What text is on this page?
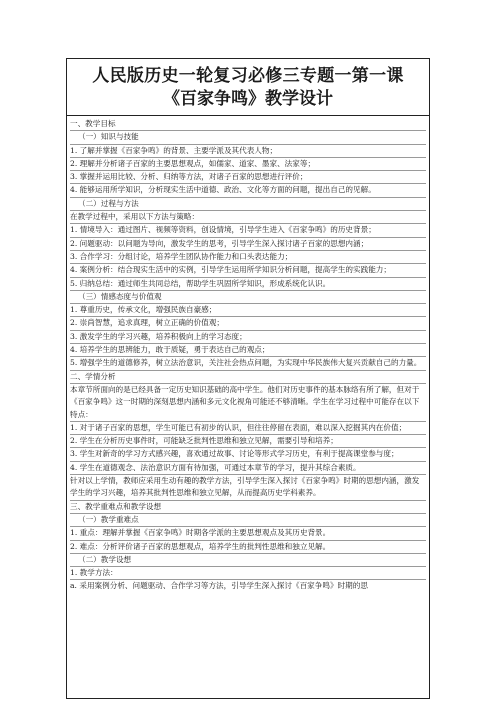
人民版历史一轮复习必修三专题一第一课
《百家争鸣》教学设计

一、教学目标

（一）知识与技能

1. 了解并掌握《百家争鸣》的背景、主要学派及其代表人物；

2. 理解并分析诸子百家的主要思想观点，如儒家、道家、墨家、法家等；

3. 掌握并运用比较、分析、归纳等方法，对诸子百家的思想进行评价；

4. 能够运用所学知识，分析现实生活中道德、政治、文化等方面的问题，提出自己的见解。

（二）过程与方法

在教学过程中，采用以下方法与策略：

1. 情境导入：通过图片、视频等资料，创设情境，引导学生进入《百家争鸣》的历史背景；

2. 问题驱动：以问题为导向，激发学生的思考，引导学生深入探讨诸子百家的思想内涵；

3. 合作学习：分组讨论，培养学生团队协作能力和口头表达能力；

4. 案例分析：结合现实生活中的实例，引导学生运用所学知识分析问题，提高学生的实践能力；

5. 归纳总结：通过师生共同总结，帮助学生巩固所学知识，形成系统化认识。

（三）情感态度与价值观

1. 尊重历史，传承文化，增强民族自豪感；

2. 崇尚智慧，追求真理，树立正确的价值观；

3. 激发学生的学习兴趣，培养积极向上的学习态度；

4. 培养学生的思辨能力，敢于质疑，勇于表达自己的观点；

5. 增强学生的道德修养，树立法治意识，关注社会热点问题，为实现中华民族伟大复兴贡献自己的力量。

二、学情分析

本章节所面向的是已经具备一定历史知识基础的高中学生。他们对历史事件的基本脉络有所了解，但对于《百家争鸣》这一时期的深刻思想内涵和多元文化视角可能还不够清晰。学生在学习过程中可能存在以下特点：

1. 对于诸子百家的思想，学生可能已有初步的认识，但往往停留在表面，难以深入挖掘其内在价值；

2. 学生在分析历史事件时，可能缺乏批判性思维和独立见解，需要引导和培养；

3. 学生对新奇的学习方式感兴趣，喜欢通过故事、讨论等形式学习历史，有利于提高课堂参与度；

4. 学生在道德观念、法治意识方面有待加强，可通过本章节的学习，提升其综合素质。

针对以上学情，教师应采用生动有趣的教学方法，引导学生深入探讨《百家争鸣》时期的思想内涵，激发学生的学习兴趣，培养其批判性思维和独立见解，从而提高历史学科素养。

三、教学重难点和教学设想

（一）教学重难点

1. 重点：理解并掌握《百家争鸣》时期各学派的主要思想观点及其历史背景。

2. 难点：分析评价诸子百家的思想观点，培养学生的批判性思维和独立见解。

（二）教学设想

1. 教学方法：

a. 采用案例分析、问题驱动、合作学习等方法，引导学生深入探讨《百家争鸣》时期的思
